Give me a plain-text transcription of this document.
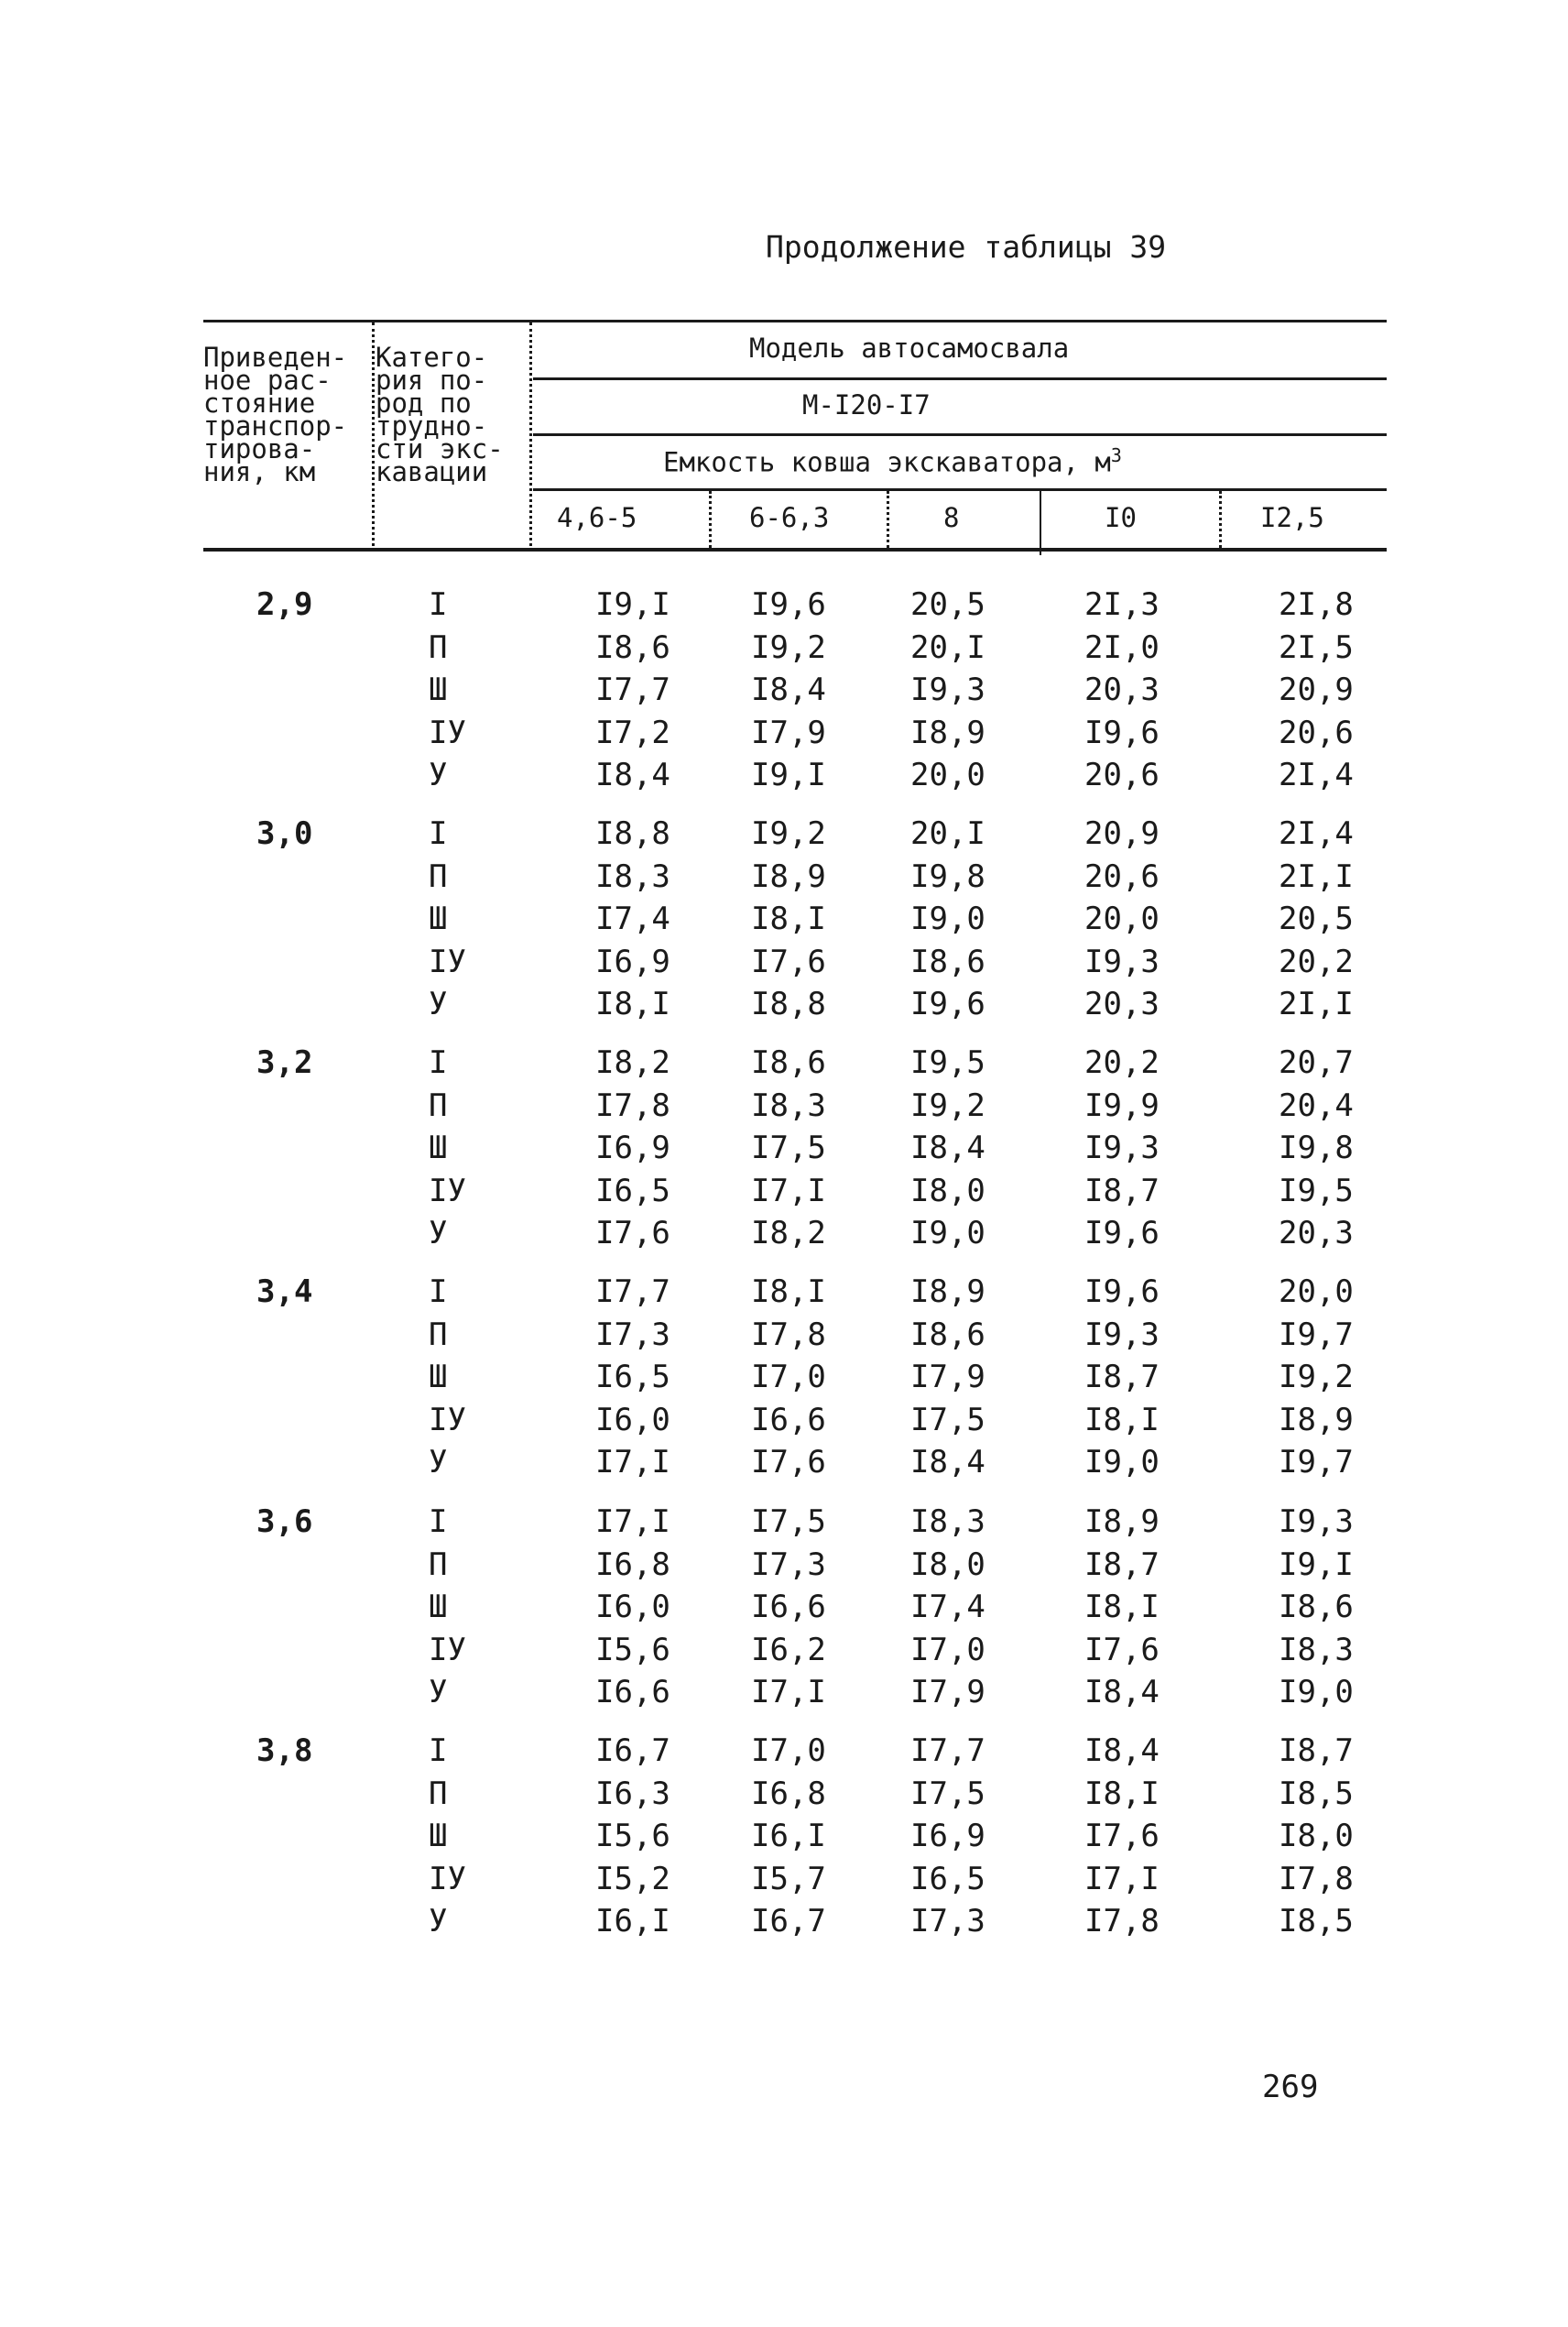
Продолжение таблицы 39
Приведен-
ное рас-
стояние
транспор-
тирова-
ния, км
Катего-
рия по-
род по
трудно-
сти экс-
кавации
Модель автосамосвала
М-I20-I7
Емкость ковша экскаватора, $м^3$
4,6-5	6-6,3	8	I0	I2,5
2,9	I	I9,I	I9,6	20,5	2I,3	2I,8
П	I8,6	I9,2	20,I	2I,0	2I,5
Ш	I7,7	I8,4	I9,3	20,3	20,9
IУ	I7,2	I7,9	I8,9	I9,6	20,6
У	I8,4	I9,I	20,0	20,6	2I,4
3,0	I	I8,8	I9,2	20,I	20,9	2I,4
П	I8,3	I8,9	I9,8	20,6	2I,I
Ш	I7,4	I8,I	I9,0	20,0	20,5
IУ	I6,9	I7,6	I8,6	I9,3	20,2
У	I8,I	I8,8	I9,6	20,3	2I,I
3,2	I	I8,2	I8,6	I9,5	20,2	20,7
П	I7,8	I8,3	I9,2	I9,9	20,4
Ш	I6,9	I7,5	I8,4	I9,3	I9,8
IУ	I6,5	I7,I	I8,0	I8,7	I9,5
У	I7,6	I8,2	I9,0	I9,6	20,3
3,4	I	I7,7	I8,I	I8,9	I9,6	20,0
П	I7,3	I7,8	I8,6	I9,3	I9,7
Ш	I6,5	I7,0	I7,9	I8,7	I9,2
IУ	I6,0	I6,6	I7,5	I8,I	I8,9
У	I7,I	I7,6	I8,4	I9,0	I9,7
3,6	I	I7,I	I7,5	I8,3	I8,9	I9,3
П	I6,8	I7,3	I8,0	I8,7	I9,I
Ш	I6,0	I6,6	I7,4	I8,I	I8,6
IУ	I5,6	I6,2	I7,0	I7,6	I8,3
У	I6,6	I7,I	I7,9	I8,4	I9,0
3,8	I	I6,7	I7,0	I7,7	I8,4	I8,7
П	I6,3	I6,8	I7,5	I8,I	I8,5
Ш	I5,6	I6,I	I6,9	I7,6	I8,0
IУ	I5,2	I5,7	I6,5	I7,I	I7,8
У	I6,I	I6,7	I7,3	I7,8	I8,5
269
